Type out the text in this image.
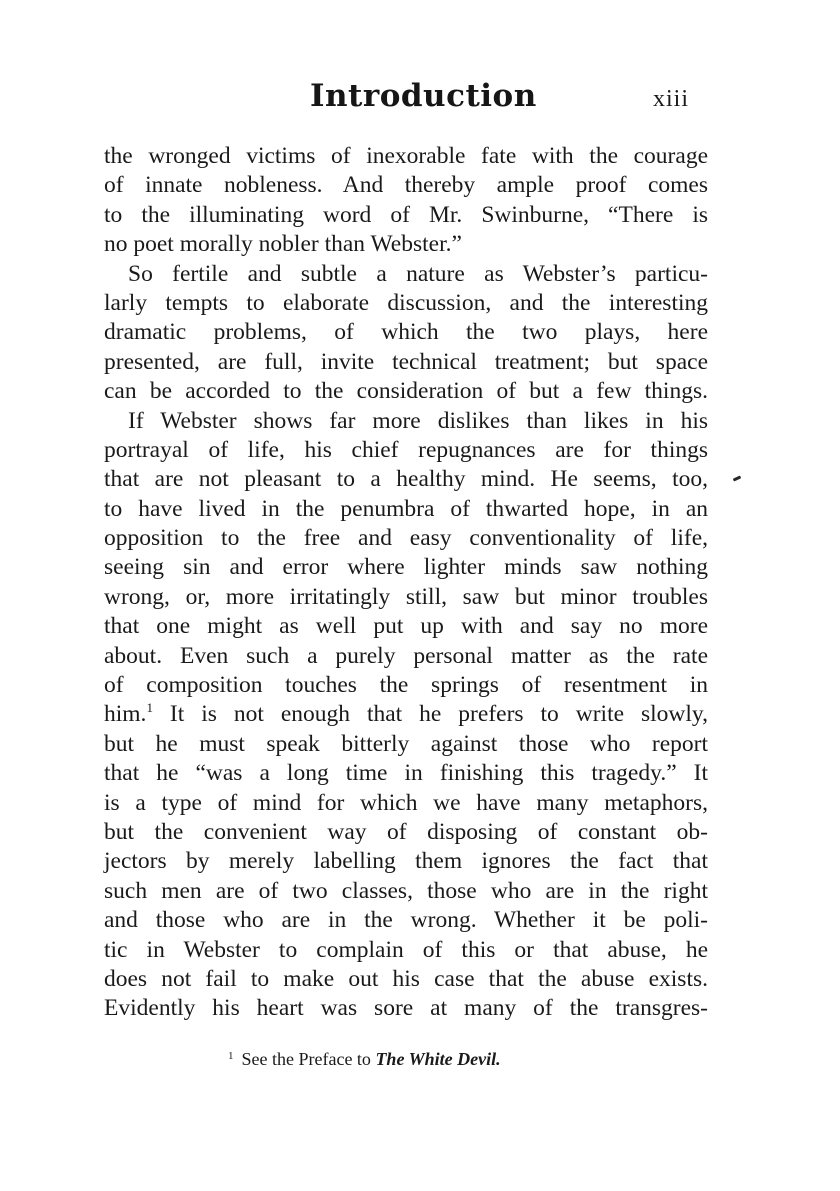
Introduction	xiii
the wronged victims of inexorable fate with the courage
of innate nobleness. And thereby ample proof comes
to the illuminating word of Mr. Swinburne, “There is
no poet morally nobler than Webster.”
So fertile and subtle a nature as Webster’s particu-
larly tempts to elaborate discussion, and the interesting
dramatic problems, of which the two plays, here
presented, are full, invite technical treatment; but space
can be accorded to the consideration of but a few things.
If Webster shows far more dislikes than likes in his
portrayal of life, his chief repugnances are for things
that are not pleasant to a healthy mind. He seems, too,
to have lived in the penumbra of thwarted hope, in an
opposition to the free and easy conventionality of life,
seeing sin and error where lighter minds saw nothing
wrong, or, more irritatingly still, saw but minor troubles
that one might as well put up with and say no more
about. Even such a purely personal matter as the rate
of composition touches the springs of resentment in
him.$^1$ It is not enough that he prefers to write slowly,
but he must speak bitterly against those who report
that he “was a long time in finishing this tragedy.” It
is a type of mind for which we have many metaphors,
but the convenient way of disposing of constant ob-
jectors by merely labelling them ignores the fact that
such men are of two classes, those who are in the right
and those who are in the wrong. Whether it be poli-
tic in Webster to complain of this or that abuse, he
does not fail to make out his case that the abuse exists.
Evidently his heart was sore at many of the transgres-
$^1$ See the Preface to The White Devil.
